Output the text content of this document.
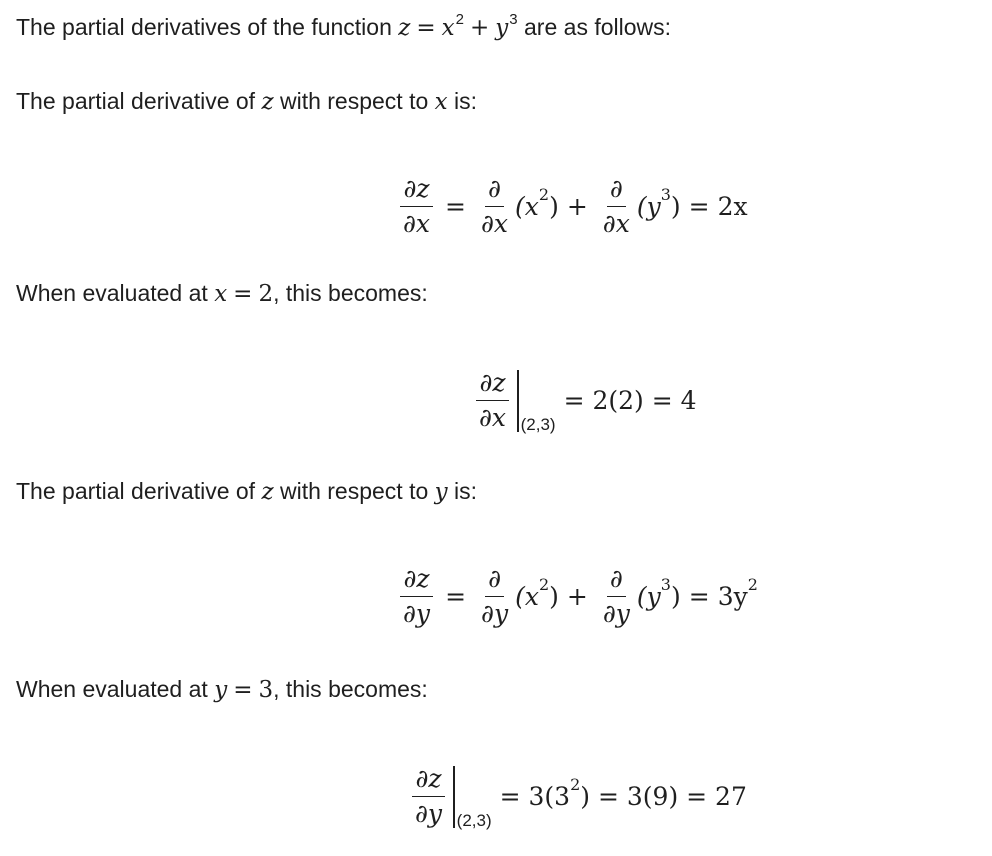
The partial derivatives of the function $z = x^2 + y^3$ are as follows:
The partial derivative of z with respect to x is:
$\frac{\partial z}{\partial x} = \frac{\partial}{\partial x} (x^2$ ) + $\frac{\partial}{\partial x} (y^3$ ) = 2x
When evaluated at x = 2, this becomes:
$\frac{\partial z}{\partial x} (2,3)$
= 2(2) = 4
The partial derivative of z with respect to y is:
$\frac{\partial z}{\partial y} = \frac{\partial}{\partial y} (x^2$ ) + $\frac{\partial}{\partial y} (y^3$ ) = $3y^2$
When evaluated at y = 3, this becomes:
$\frac{\partial z}{\partial y} (2,3)$
= $3(3^2$ ) = 3(9) = 27
